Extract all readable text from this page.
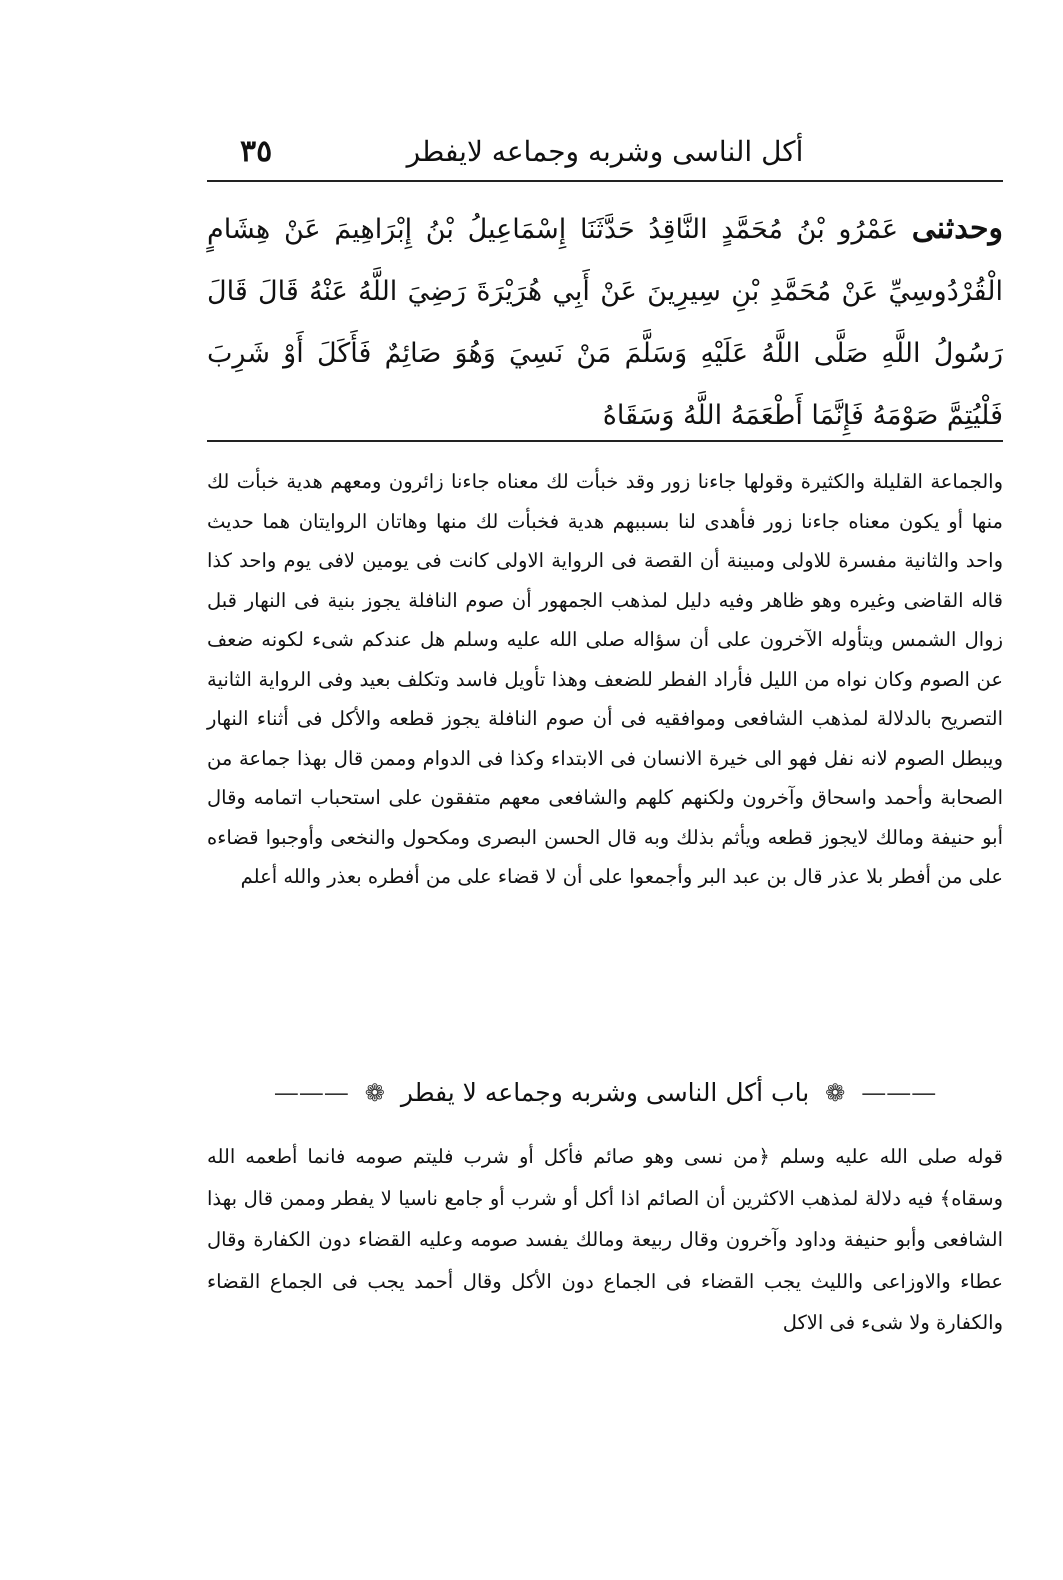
٣٥	أكل الناسى وشربه وجماعه لايفطر
وحدثنى عَمْرُو بْنُ مُحَمَّدٍ النَّاقِدُ حَدَّثَنَا إِسْمَاعِيلُ بْنُ إِبْرَاهِيمَ عَنْ هِشَامٍ الْقُرْدُوسِيِّ عَنْ مُحَمَّدِ بْنِ سِيرِينَ عَنْ أَبِي هُرَيْرَةَ رَضِيَ اللَّهُ عَنْهُ قَالَ قَالَ رَسُولُ اللَّهِ صَلَّى اللَّهُ عَلَيْهِ وَسَلَّمَ مَنْ نَسِيَ وَهُوَ صَائِمٌ فَأَكَلَ أَوْ شَرِبَ فَلْيُتِمَّ صَوْمَهُ فَإِنَّمَا أَطْعَمَهُ اللَّهُ وَسَقَاهُ

والجماعة القليلة والكثيرة وقولها جاءنا زور وقد خبأت لك معناه جاءنا زائرون ومعهم هدية خبأت لك منها أو يكون معناه جاءنا زور فأهدى لنا بسببهم هدية فخبأت لك منها وهاتان الروايتان هما حديث واحد والثانية مفسرة للاولى ومبينة أن القصة فى الرواية الاولى كانت فى يومين لافى يوم واحد كذا قاله القاضى وغيره وهو ظاهر وفيه دليل لمذهب الجمهور أن صوم النافلة يجوز بنية فى النهار قبل زوال الشمس ويتأوله الآخرون على أن سؤاله صلى الله عليه وسلم هل عندكم شىء لكونه ضعف عن الصوم وكان نواه من الليل فأراد الفطر للضعف وهذا تأويل فاسد وتكلف بعيد وفى الرواية الثانية التصريح بالدلالة لمذهب الشافعى وموافقيه فى أن صوم النافلة يجوز قطعه والأكل فى أثناء النهار ويبطل الصوم لانه نفل فهو الى خيرة الانسان فى الابتداء وكذا فى الدوام وممن قال بهذا جماعة من الصحابة وأحمد واسحاق وآخرون ولكنهم كلهم والشافعى معهم متفقون على استحباب اتمامه وقال أبو حنيفة ومالك لايجوز قطعه ويأثم بذلك وبه قال الحسن البصرى ومكحول والنخعى وأوجبوا قضاءه على من أفطر بلا عذر قال بن عبد البر وأجمعوا على أن لا قضاء على من أفطره بعذر والله أعلم

——— ❁ باب أكل الناسى وشربه وجماعه لا يفطر ❁ ———

قوله صلى الله عليه وسلم ﴿من نسى وهو صائم فأكل أو شرب فليتم صومه فانما أطعمه الله وسقاه﴾ فيه دلالة لمذهب الاكثرين أن الصائم اذا أكل أو شرب أو جامع ناسيا لا يفطر وممن قال بهذا الشافعى وأبو حنيفة وداود وآخرون وقال ربيعة ومالك يفسد صومه وعليه القضاء دون الكفارة وقال عطاء والاوزاعى والليث يجب القضاء فى الجماع دون الأكل وقال أحمد يجب فى الجماع القضاء والكفارة ولا شىء فى الاكل
